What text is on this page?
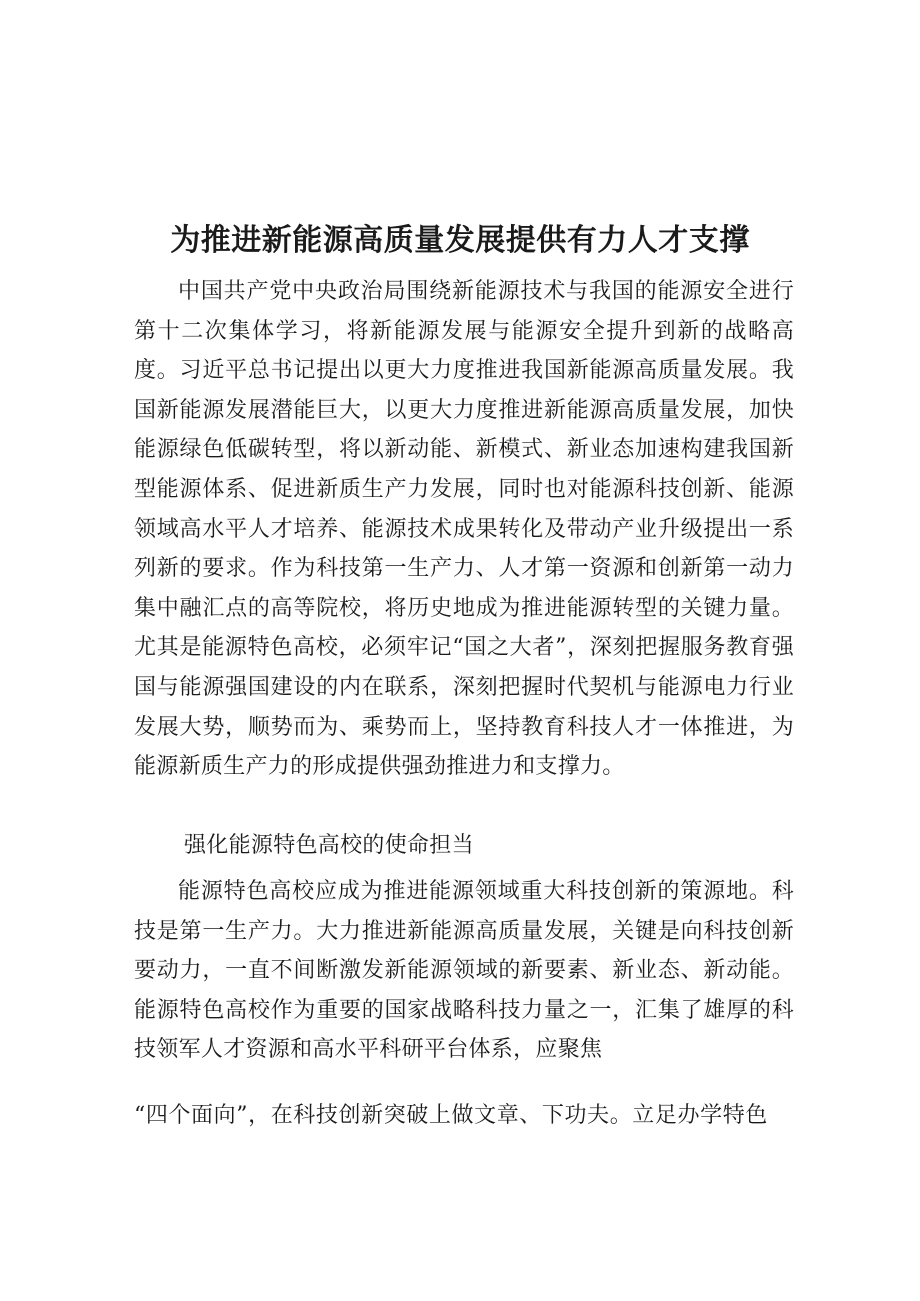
为推进新能源高质量发展提供有力人才支撑

中国共产党中央政治局围绕新能源技术与我国的能源安全进行第十二次集体学习，将新能源发展与能源安全提升到新的战略高度。习近平总书记提出以更大力度推进我国新能源高质量发展。我国新能源发展潜能巨大，以更大力度推进新能源高质量发展，加快能源绿色低碳转型，将以新动能、新模式、新业态加速构建我国新型能源体系、促进新质生产力发展，同时也对能源科技创新、能源领域高水平人才培养、能源技术成果转化及带动产业升级提出一系列新的要求。作为科技第一生产力、人才第一资源和创新第一动力集中融汇点的高等院校，将历史地成为推进能源转型的关键力量。尤其是能源特色高校，必须牢记“国之大者”，深刻把握服务教育强国与能源强国建设的内在联系，深刻把握时代契机与能源电力行业发展大势，顺势而为、乘势而上，坚持教育科技人才一体推进，为能源新质生产力的形成提供强劲推进力和支撑力。

强化能源特色高校的使命担当

能源特色高校应成为推进能源领域重大科技创新的策源地。科技是第一生产力。大力推进新能源高质量发展，关键是向科技创新要动力，一直不间断激发新能源领域的新要素、新业态、新动能。能源特色高校作为重要的国家战略科技力量之一，汇集了雄厚的科技领军人才资源和高水平科研平台体系，应聚焦

“四个面向”，在科技创新突破上做文章、下功夫。立足办学特色
